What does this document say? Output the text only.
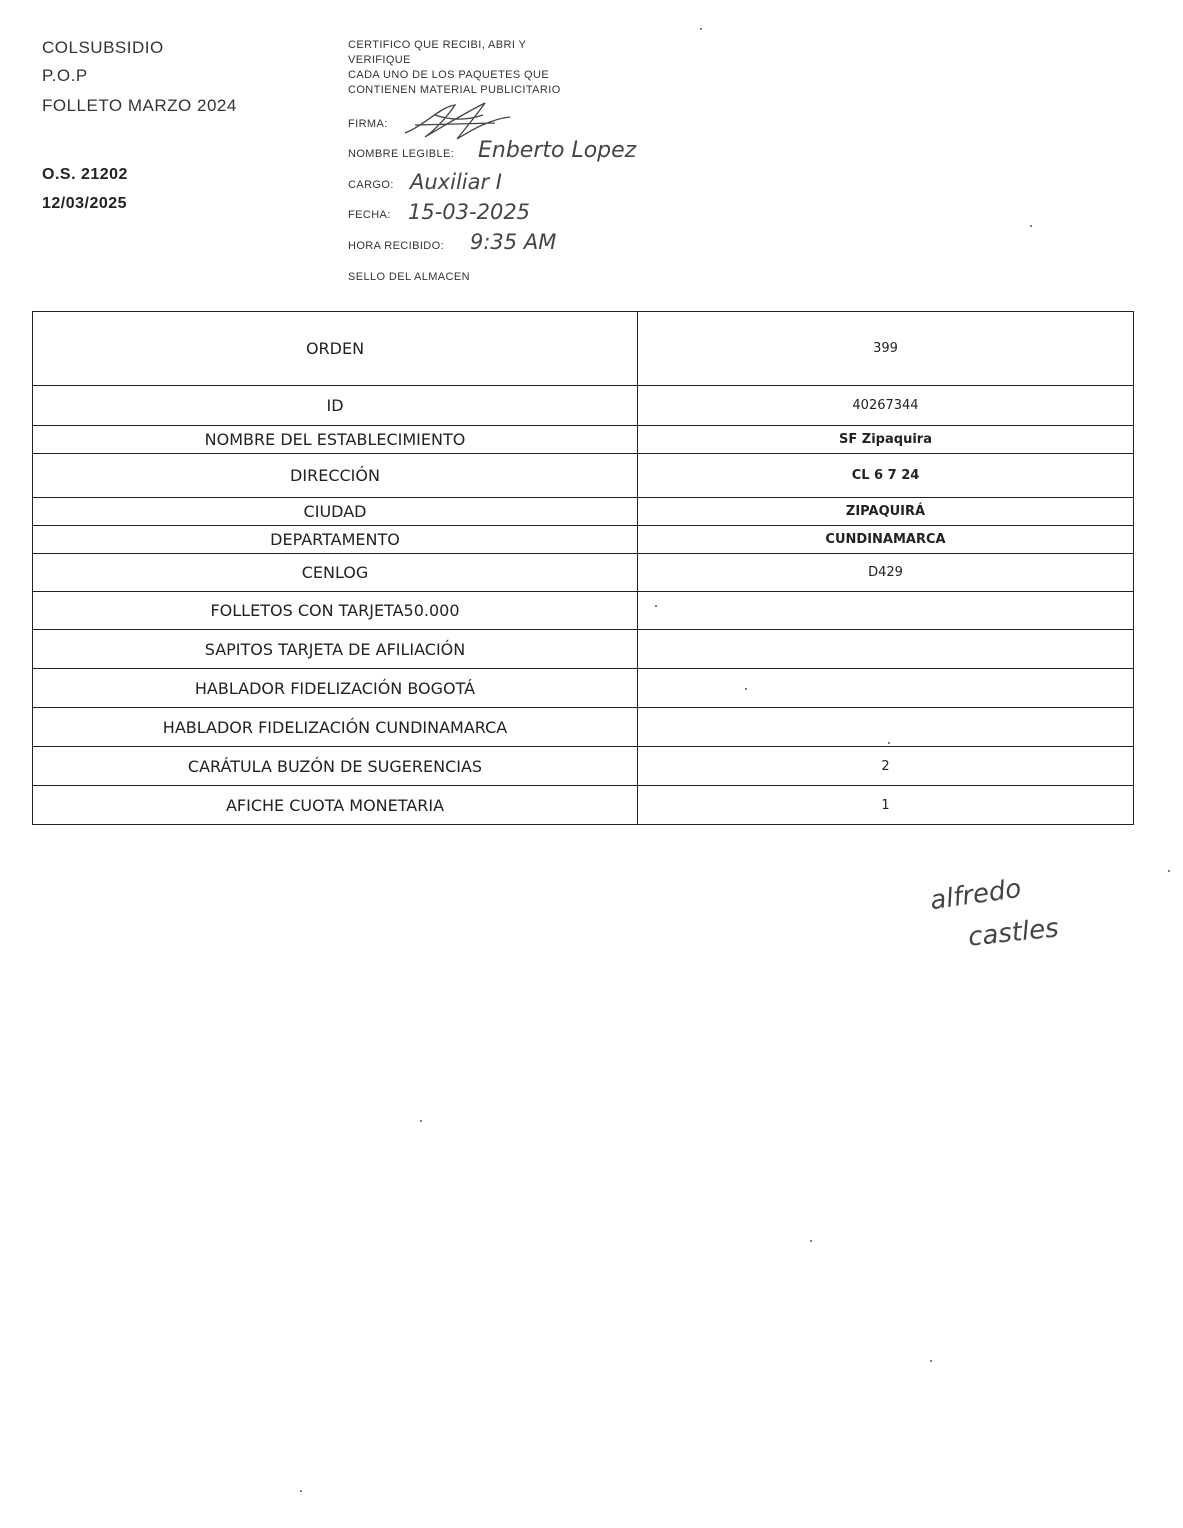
COLSUBSIDIO
P.O.P
FOLLETO MARZO 2024
O.S. 21202
12/03/2025
CERTIFICO QUE RECIBI, ABRI Y
VERIFIQUE
CADA UNO DE LOS PAQUETES QUE
CONTIENEN MATERIAL PUBLICITARIO
FIRMA:
NOMBRE LEGIBLE: Enberto Lopez
CARGO: Auxiliar I
FECHA: 15-03-2025
HORA RECIBIDO: 9:35 AM
SELLO DEL ALMACEN
ORDEN	399
ID	40267344
NOMBRE DEL ESTABLECIMIENTO	SF Zipaquira
DIRECCIÓN	CL 6 7 24
CIUDAD	ZIPAQUIRÁ
DEPARTAMENTO	CUNDINAMARCA
CENLOG	D429
FOLLETOS CON TARJETA50.000	
SAPITOS TARJETA DE AFILIACIÓN	
HABLADOR FIDELIZACIÓN BOGOTÁ	
HABLADOR FIDELIZACIÓN CUNDINAMARCA	
CARÁTULA BUZÓN DE SUGERENCIAS	2
AFICHE CUOTA MONETARIA	1
alfredo
castles
